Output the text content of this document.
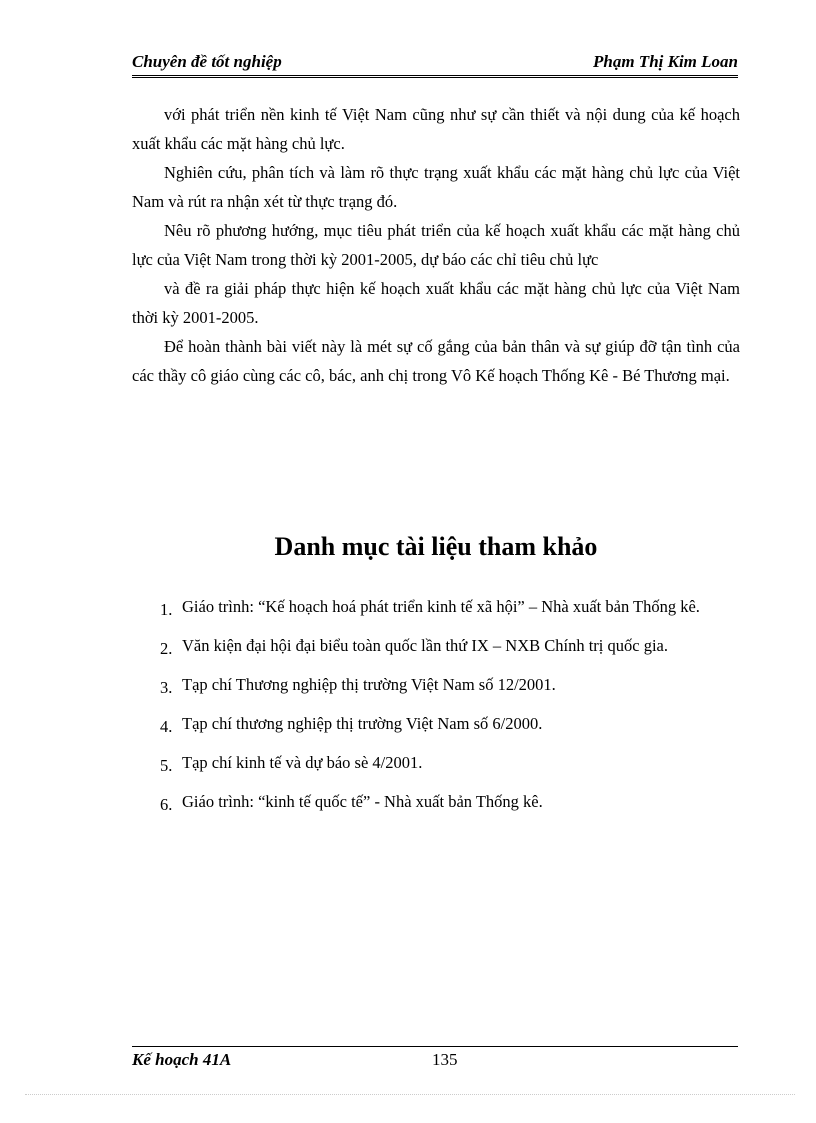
Chuyên đề tốt nghiệp	Phạm Thị Kim Loan

với phát triển nền kinh tế Việt Nam cũng như sự cần thiết và nội dung của kế hoạch xuất khẩu các mặt hàng chủ lực.

Nghiên cứu, phân tích và làm rõ thực trạng xuất khẩu các mặt hàng chủ lực của Việt Nam và rút ra nhận xét từ thực trạng đó.

Nêu rõ phương hướng, mục tiêu phát triển của kế hoạch xuất khẩu các mặt hàng chủ lực của Việt Nam trong thời kỳ 2001-2005, dự báo các chỉ tiêu chủ lực

và đề ra giải pháp thực hiện kế hoạch xuất khẩu các mặt hàng chủ lực của Việt Nam thời kỳ 2001-2005.

Để hoàn thành bài viết này là mét sự cố gắng của bản thân và sự giúp đỡ tận tình của các thầy cô giáo cùng các cô, bác, anh chị trong Vô Kế hoạch Thống Kê - Bé Thương mại.

Danh mục tài liệu tham khảo
1. Giáo trình: “Kế hoạch hoá phát triển kinh tế xã hội” – Nhà xuất bản Thống kê.
2. Văn kiện đại hội đại biểu toàn quốc lần thứ IX – NXB Chính trị quốc gia.
3. Tạp chí Thương nghiệp thị trường Việt Nam số 12/2001.
4. Tạp chí thương nghiệp thị trường Việt Nam số 6/2000.
5. Tạp chí kinh tế và dự báo sè 4/2001.
6. Giáo trình: “kinh tế quốc tế” - Nhà xuất bản Thống kê.
Kế hoạch 41A	135
